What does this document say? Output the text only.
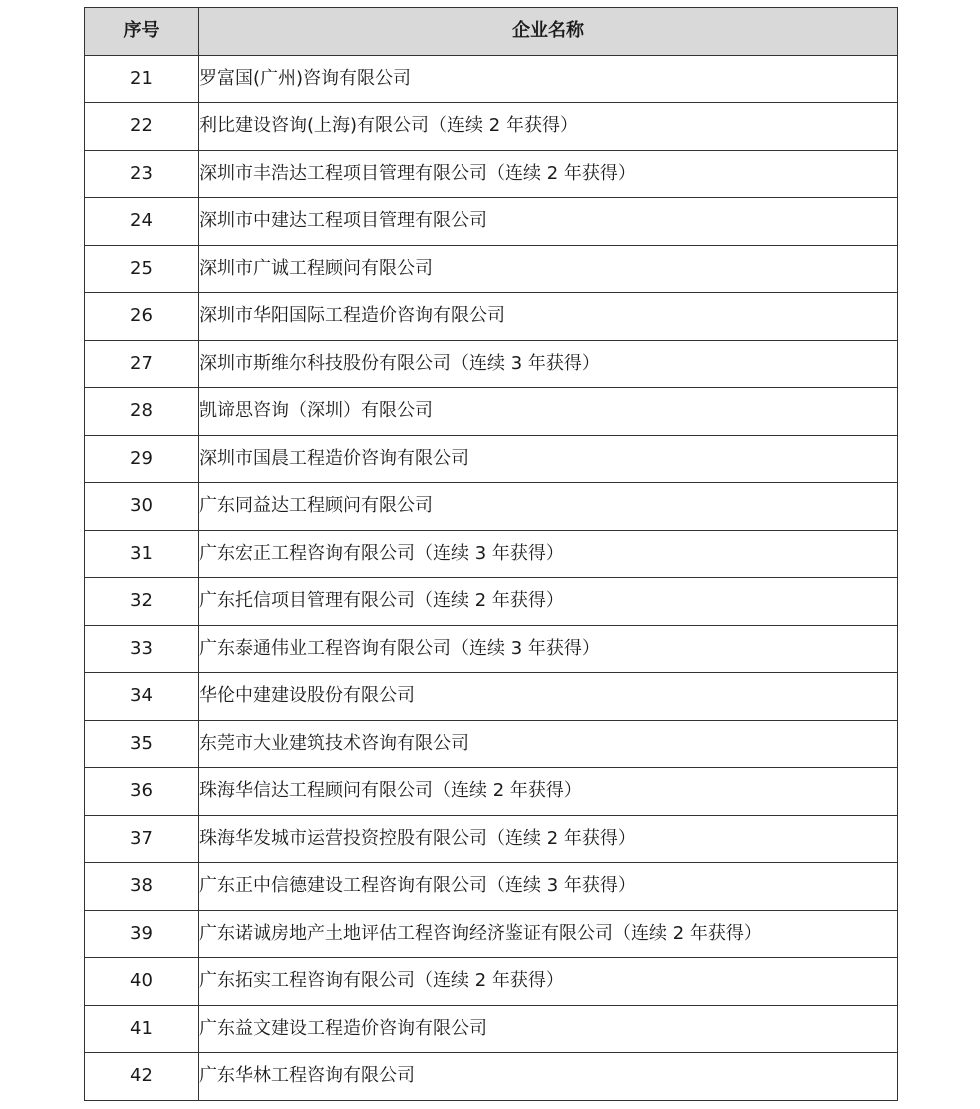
序号	企业名称
21	罗富国(广州)咨询有限公司
22	利比建设咨询(上海)有限公司（连续 2 年获得）
23	深圳市丰浩达工程项目管理有限公司（连续 2 年获得）
24	深圳市中建达工程项目管理有限公司
25	深圳市广诚工程顾问有限公司
26	深圳市华阳国际工程造价咨询有限公司
27	深圳市斯维尔科技股份有限公司（连续 3 年获得）
28	凯谛思咨询（深圳）有限公司
29	深圳市国晨工程造价咨询有限公司
30	广东同益达工程顾问有限公司
31	广东宏正工程咨询有限公司（连续 3 年获得）
32	广东托信项目管理有限公司（连续 2 年获得）
33	广东泰通伟业工程咨询有限公司（连续 3 年获得）
34	华伦中建建设股份有限公司
35	东莞市大业建筑技术咨询有限公司
36	珠海华信达工程顾问有限公司（连续 2 年获得）
37	珠海华发城市运营投资控股有限公司（连续 2 年获得）
38	广东正中信德建设工程咨询有限公司（连续 3 年获得）
39	广东诺诚房地产土地评估工程咨询经济鉴证有限公司（连续 2 年获得）
40	广东拓实工程咨询有限公司（连续 2 年获得）
41	广东益文建设工程造价咨询有限公司
42	广东华林工程咨询有限公司
